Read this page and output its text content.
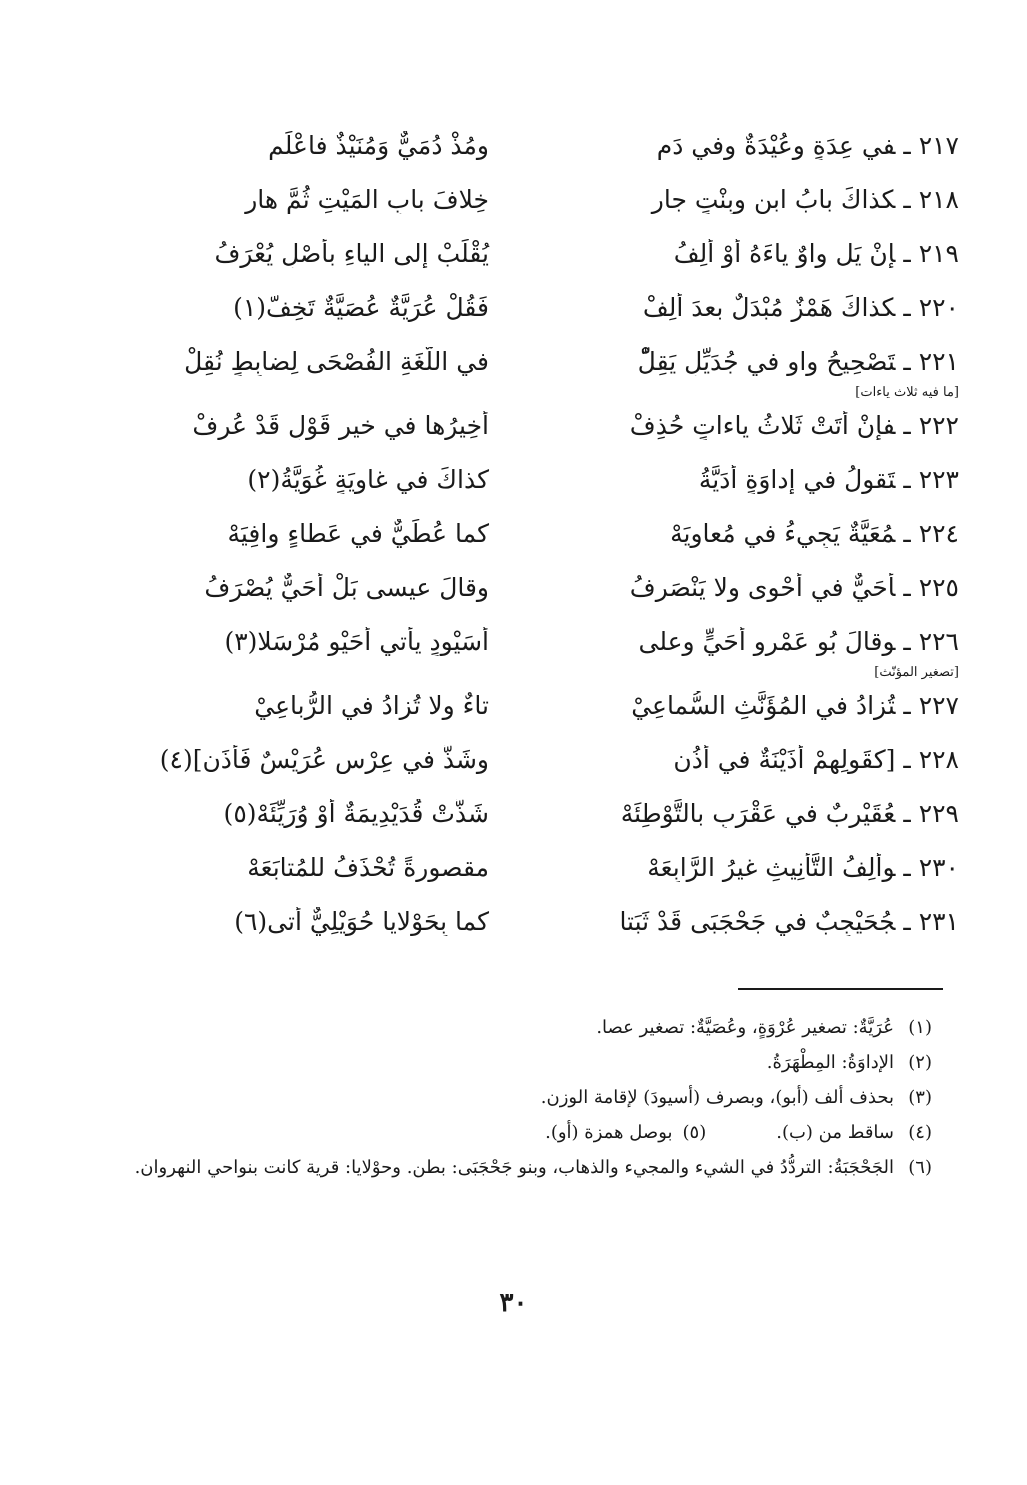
٢١٧ـفي عِدَةٍ وعُيْدَةٌ وفي دَمِ
ومُذْ دُمَيٌّ وَمُنَيْذٌ فاعْلَمِ
٢١٨ـكذاكَ بابُ ابنٍ وبِنْتٍ جارِ
خِلافَ بابِ المَيْتِ ثُمَّ هارِ
٢١٩ـإنْ يَلِ واوٌ ياءَهُ أوْ أَلِفُ
يُقْلَبْ إلى الياءِ بأَصْلٍ يُعْرَفُ
٢٢٠ـكذاكَ هَمْزٌ مُبْدَلٌ بعدَ أَلِفْ
فَقُلْ عُرَيَّةٌ عُصَيَّةٌ تَخِفّ(١)
٢٢١ـتَصْحِيحُ واوٍ في جُدَيِّلٍ يَقِلّْ
في اللُّغَةِ الفُصْحَى لِضابِطٍ نُقِلْ
[ما فيه ثلاث ياءات]
٢٢٢ـفإِنْ أَتَتْ ثَلاثُ ياءاتٍ حُذِفْ
أَخِيرُها في خيرِ قَوْلٍ قَدْ عُرِفْ
٢٢٣ـتَقولُ في إداوَةٍ أُدَيَّةُ
كذاكَ في غاوِيَةٍ غُوَيَّةُ(٢)
٢٢٤ـمُعَيَّةٌ يَجِيءُ في مُعاوِيَهْ
كما عُطَيٌّ في عَطاءٍ وافِيَهْ
٢٢٥ـأُحَيٌّ في أَحْوى ولا يَنْصَرِفُ
وقالَ عيسى بَلْ أُحَيٌّ يُصْرَفُ
٢٢٦ـوقالَ بُو عَمْرٍو أُحَيٍّ وعلى
أُسَيْوِدٍ يأتي أُحَيْوٍ مُرْسَلا(٣)
[تصغير المؤنّث]
٢٢٧ـتُزادُ في المُؤَنَّثِ السُّماعِيْ
تاءٌ ولا تُزادُ في الرُّباعِيْ
٢٢٨ـ[كقَولِهِمْ أُذَيْنَةٌ في أُذُنِ
وشَذَّ في عِرْسٍ عُرَيْسٌ فَأْذَنِ](٤)
٢٢٩ـعُقَيْرِبٌ في عَقْرَبٍ بالتَّوْطِئَهْ
شَذَّتْ قُدَيْدِيمَةٌ أوْ وُرَيِّئَهْ(٥)
٢٣٠ـوأَلِفُ التَّأْنِيثِ غيرُ الرَّابِعَهْ
مقصورةً تُحْذَفُ للمُتابَعَهْ
٢٣١ـجُحَيْجِبٌ في جَحْجَبَى قَدْ ثَبَتا
كما بِحَوْلايا حُوَيْلِيٌّ أتى(٦)
(١)
عُرَيَّةٌ: تصغير عُرْوَةٍ، وعُصَيَّةٌ: تصغير عصا.
(٢)
الإداوَةُ: المِطْهَرَةُ.
(٣)
بحذف ألف (أبو)، وبصرف (أسيودَ) لإقامة الوزن.
(٤)
ساقط من (ب).(٥)بوصل همزة (أو).
(٦)
الجَحْجَبَةُ: التردُّدُ في الشيء والمجيء والذهاب، وبنو جَحْجَبَى: بطن. وحوْلايا: قرية كانت بنواحي النهروان.
٣٠
